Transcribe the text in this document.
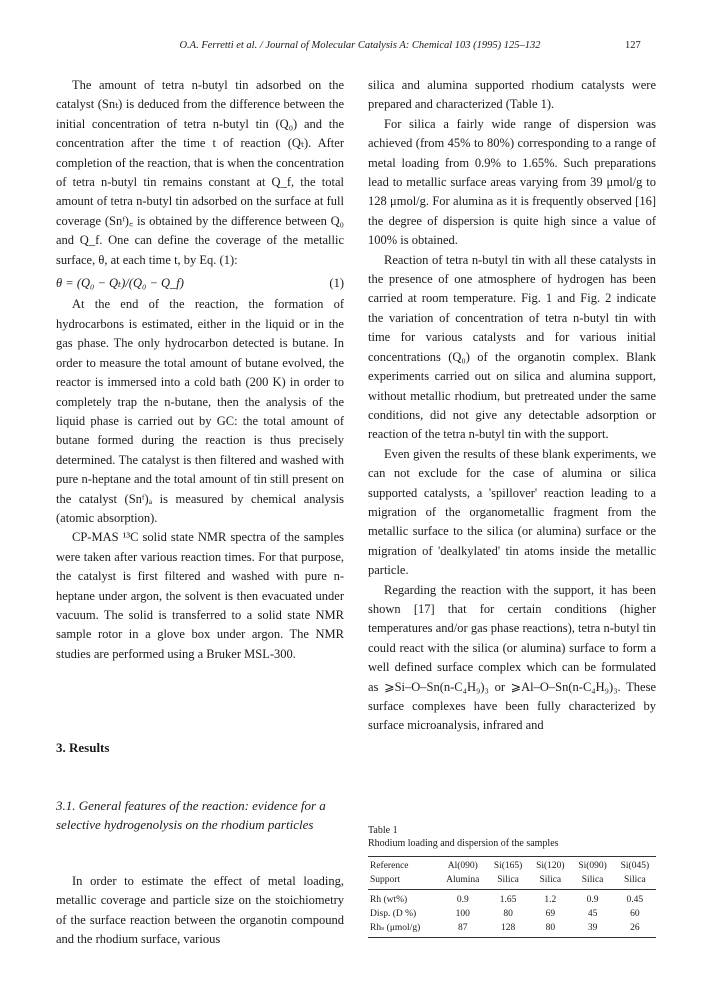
O.A. Ferretti et al. / Journal of Molecular Catalysis A: Chemical 103 (1995) 125–132	127

The amount of tetra n-butyl tin adsorbed on the catalyst (Snₜ) is deduced from the difference between the initial concentration of tetra n-butyl tin (Q₀) and the concentration after the time t of reaction (Qₜ). After completion of the reaction, that is when the concentration of tetra n-butyl tin remains constant at Q_f, the total amount of tetra n-butyl tin adsorbed on the surface at full coverage (Snᶠ)꜀ is obtained by the difference between Q₀ and Q_f. One can define the coverage of the metallic surface, θ, at each time t, by Eq. (1):

θ = (Q₀ − Qₜ)/(Q₀ − Q_f)	(1)

At the end of the reaction, the formation of hydrocarbons is estimated, either in the liquid or in the gas phase. The only hydrocarbon detected is butane. In order to measure the total amount of butane evolved, the reactor is immersed into a cold bath (200 K) in order to completely trap the n-butane, then the analysis of the liquid phase is carried out by GC: the total amount of butane formed during the reaction is thus precisely determined. The catalyst is then filtered and washed with pure n-heptane and the total amount of tin still present on the catalyst (Snᶠ)ₐ is measured by chemical analysis (atomic absorption).

CP-MAS ¹³C solid state NMR spectra of the samples were taken after various reaction times. For that purpose, the catalyst is first filtered and washed with pure n-heptane under argon, the solvent is then evacuated under vacuum. The solid is transferred to a solid state NMR sample rotor in a glove box under argon. The NMR studies are performed using a Bruker MSL-300.

3. Results
3.1. General features of the reaction: evidence for a selective hydrogenolysis on the rhodium particles

In order to estimate the effect of metal loading, metallic coverage and particle size on the stoichiometry of the surface reaction between the organotin compound and the rhodium surface, various

silica and alumina supported rhodium catalysts were prepared and characterized (Table 1).

For silica a fairly wide range of dispersion was achieved (from 45% to 80%) corresponding to a range of metal loading from 0.9% to 1.65%. Such preparations lead to metallic surface areas varying from 39 μmol/g to 128 μmol/g. For alumina as it is frequently observed [16] the degree of dispersion is quite high since a value of 100% is obtained.

Reaction of tetra n-butyl tin with all these catalysts in the presence of one atmosphere of hydrogen has been carried at room temperature. Fig. 1 and Fig. 2 indicate the variation of concentration of tetra n-butyl tin with time for various catalysts and for various initial concentrations (Q₀) of the organotin complex. Blank experiments carried out on silica and alumina support, without metallic rhodium, but pretreated under the same conditions, did not give any detectable adsorption or reaction of the tetra n-butyl tin with the support.

Even given the results of these blank experiments, we can not exclude for the case of alumina or silica supported catalysts, a 'spillover' reaction leading to a migration of the organometallic fragment from the metallic surface to the silica (or alumina) surface or the migration of 'dealkylated' tin atoms inside the metallic particle.

Regarding the reaction with the support, it has been shown [17] that for certain conditions (higher temperatures and/or gas phase reactions), tetra n-butyl tin could react with the silica (or alumina) surface to form a well defined surface complex which can be formulated as ⩾Si–O–Sn(n-C₄H₉)₃ or ⩾Al–O–Sn(n-C₄H₉)₃. These surface complexes have been fully characterized by surface microanalysis, infrared and

Table 1
Rhodium loading and dispersion of the samples
Reference	Al(090)	Si(165)	Si(120)	Si(090)	Si(045)
Support	Alumina	Silica	Silica	Silica	Silica
Rh (wt%)	0.9	1.65	1.2	0.9	0.45
Disp. (D %)	100	80	69	45	60
Rhₛ (μmol/g)	87	128	80	39	26
